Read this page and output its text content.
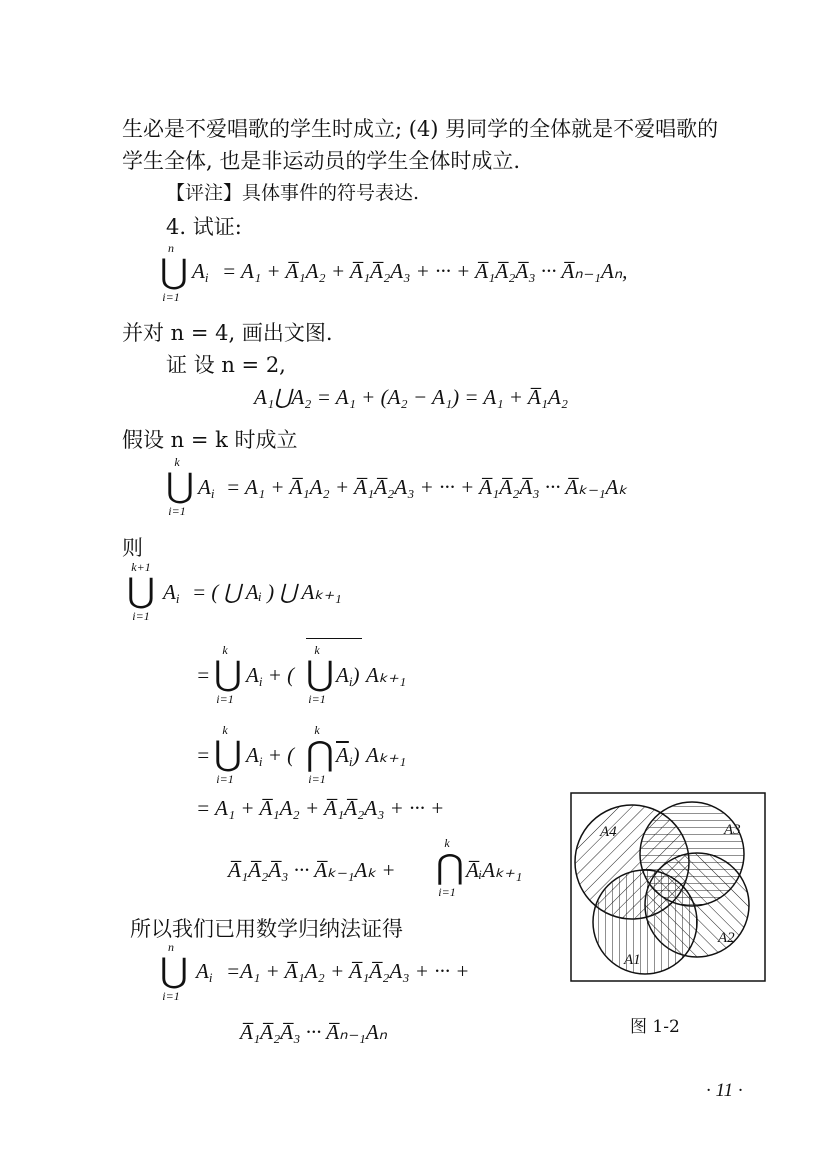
生必是不爱唱歌的学生时成立; (4) 男同学的全体就是不爱唱歌的
学生全体, 也是非运动员的学生全体时成立.
【评注】具体事件的符号表达.
4. 试证:
n
⋃
i=1
$A_i = A_1$ + A̅₁A₂ + A̅₁A̅₂A₃ + ··· + A̅₁A̅₂A̅₃ ··· A̅ₙ₋₁Aₙ,
并对 n = 4, 画出文图.
证 设 n = 2,
A₁⋃A₂ = A₁ + (A₂ − A₁) = A₁ + A̅₁A₂
假设 n = k 时成立
k
⋃
i=1
$A_i = A_1$ + A̅₁A₂ + A̅₁A̅₂A₃ + ··· + A̅₁A̅₂A̅₃ ··· A̅ₖ₋₁Aₖ
则
k+1
⋃
i=1
$A_i$ = ( ⋃ Aᵢ ) ⋃ Aₖ₊₁
=
k
⋃
i=1
$A_i$ + (
k
⋃
i=1
$A_i$) Aₖ₊₁
=
k
⋃
i=1
$A_i$ + (
k
⋂
i=1
$\overline{A}_i$) Aₖ₊₁
= A₁ + A̅₁A₂ + A̅₁A̅₂A₃ + ··· +
A̅₁A̅₂A̅₃ ··· A̅ₖ₋₁Aₖ +
k
⋂
i=1
A̅ᵢAₖ₊₁
所以我们已用数学归纳法证得
n
⋃
i=1
$A_i =A_1$ + A̅₁A₂ + A̅₁A̅₂A₃ + ··· +
A̅₁A̅₂A̅₃ ··· A̅ₙ₋₁Aₙ
A4	A3
A2
A1
图 1-2
· 11 ·
